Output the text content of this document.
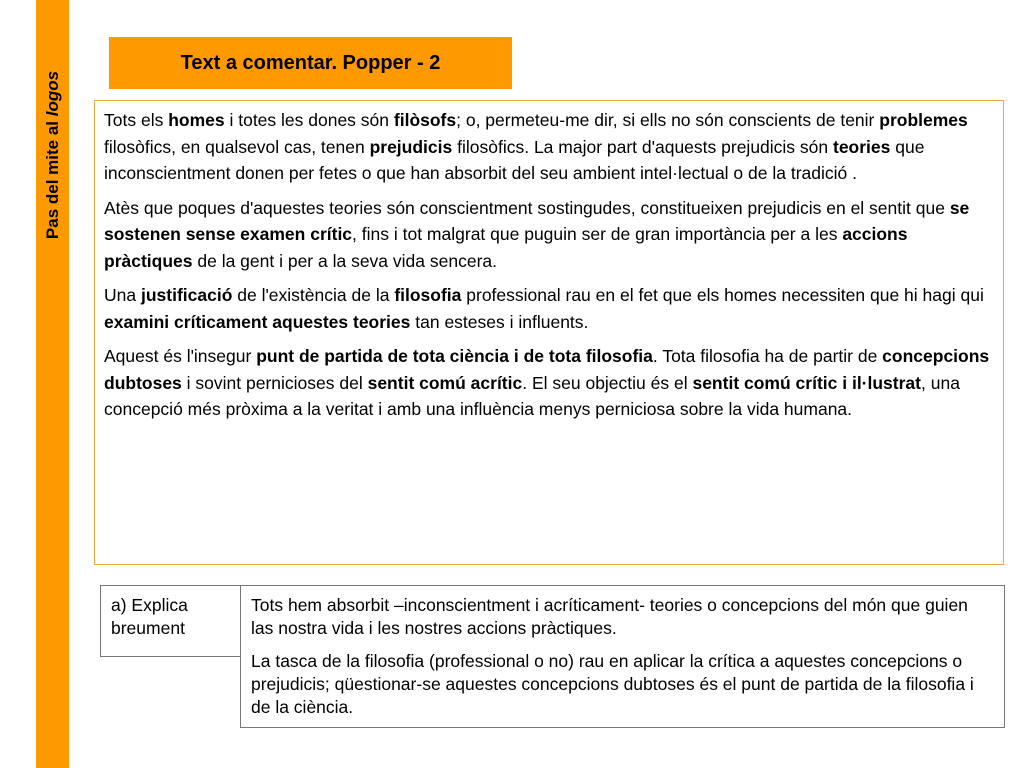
Pas del mite al logos
Text a comentar. Popper - 2

Tots els homes i totes les dones són filòsofs; o, permeteu-me dir, si ells no són conscients de tenir problemes filosòfics, en qualsevol cas, tenen prejudicis filosòfics. La major part d'aquests prejudicis són teories que inconscientment donen per fetes o que han absorbit del seu ambient intel·lectual o de la tradició .

Atès que poques d'aquestes teories són conscientment sostingudes, constitueixen prejudicis en el sentit que se sostenen sense examen crític, fins i tot malgrat que puguin ser de gran importància per a les accions pràctiques de la gent i per a la seva vida sencera.

Una justificació de l'existència de la filosofia professional rau en el fet que els homes necessiten que hi hagi qui examini críticament aquestes teories tan esteses i influents.

Aquest és l'insegur punt de partida de tota ciència i de tota filosofia. Tota filosofia ha de partir de concepcions dubtoses i sovint pernicioses del sentit comú acrític. El seu objectiu és el sentit comú crític i il·lustrat, una concepció més pròxima a la veritat i amb una influència menys perniciosa sobre la vida humana.

a) Explica breument	

Tots hem absorbit –inconscientment i acríticament- teories o concepcions del món que guien las nostra vida i les nostres accions pràctiques.

La tasca de la filosofia (professional o no) rau en aplicar la crítica a aquestes concepcions o prejudicis; qüestionar-se aquestes concepcions dubtoses és el punt de partida de la filosofia i de la ciència.
